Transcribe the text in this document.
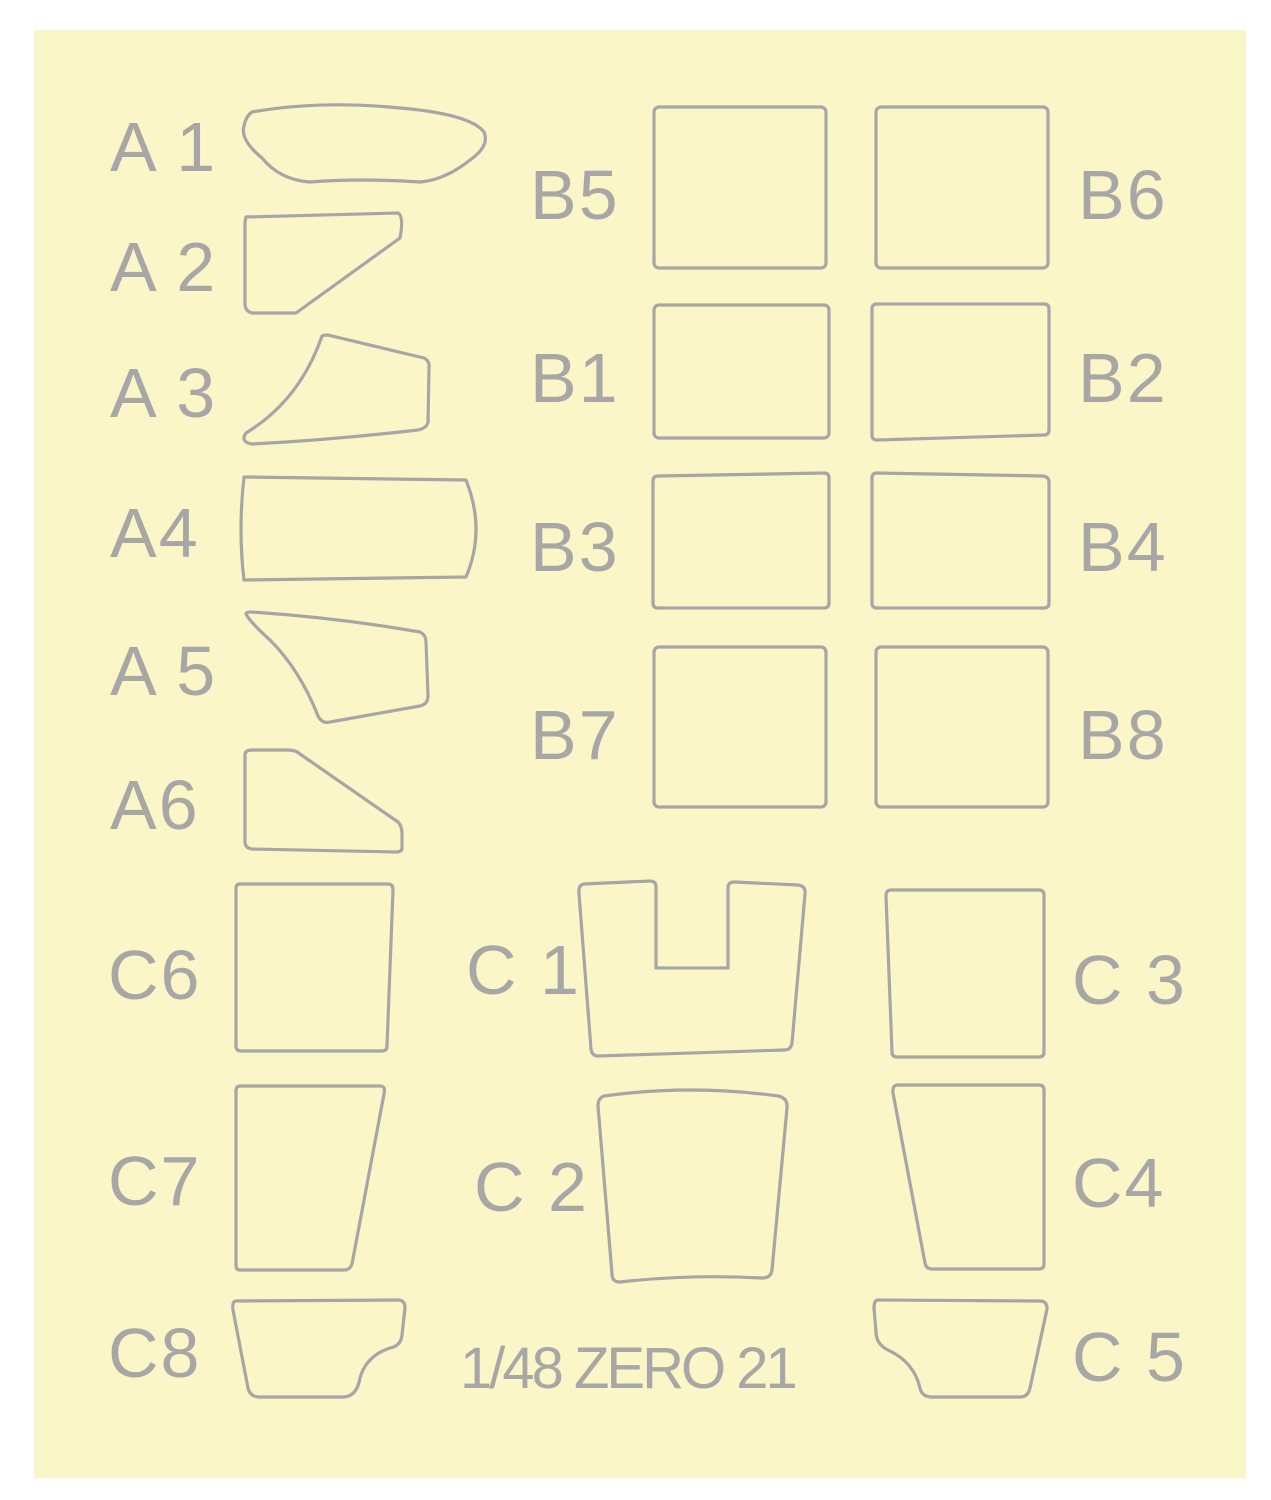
A 1
A 2
A 3
A4
A 5
A6
B5	B6
B1	B2
B3	B4
B7	B8
C6	C 1	C 3
C7	C 2	C4
C8	C 5
1/48 ZERO 21
